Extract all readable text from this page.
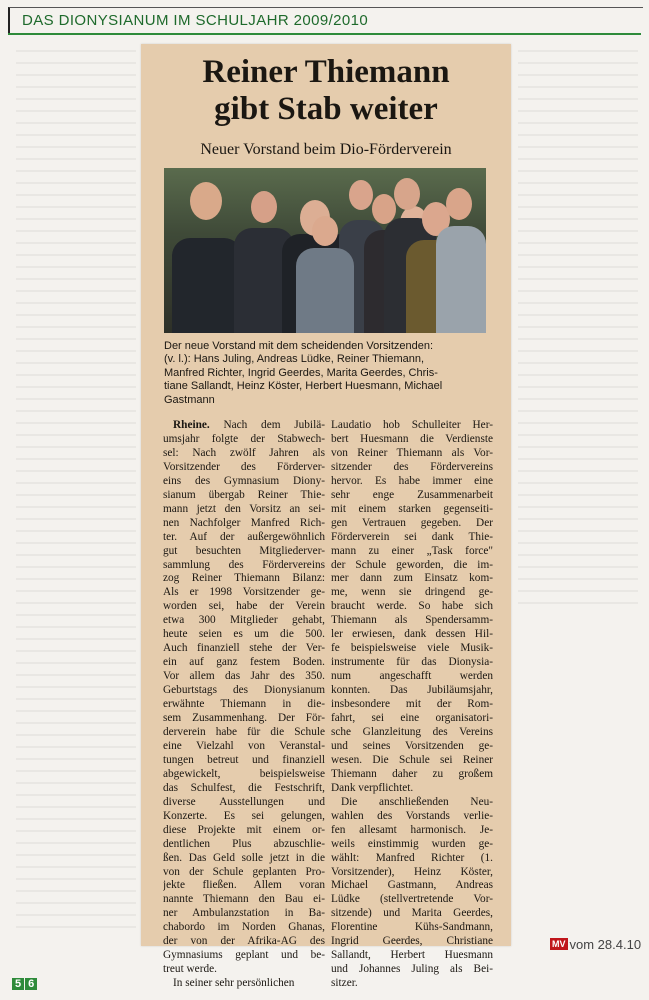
DAS DIONYSIANUM IM SCHULJAHR 2009/2010
Reiner Thiemann
gibt Stab weiter
Neuer Vorstand beim Dio-Förderverein
Der neue Vorstand mit dem scheidenden Vorsitzenden:
(v. l.): Hans Juling, Andreas Lüdke, Reiner Thiemann,
Manfred Richter, Ingrid Geerdes, Marita Geerdes, Chris-
tiane Sallandt, Heinz Köster, Herbert Huesmann, Michael
Gastmann
Rheine. Nach dem Jubilä-
umsjahr folgte der Stabwech-
sel: Nach zwölf Jahren als
Vorsitzender des Förderver-
eins des Gymnasium Diony-
sianum übergab Reiner Thie-
mann jetzt den Vorsitz an sei-
nen Nachfolger Manfred Rich-
ter. Auf der außergewöhnlich
gut besuchten Mitgliederver-
sammlung des Fördervereins
zog Reiner Thiemann Bilanz:
Als er 1998 Vorsitzender ge-
worden sei, habe der Verein
etwa 300 Mitglieder gehabt,
heute seien es um die 500.
Auch finanziell stehe der Ver-
ein auf ganz festem Boden.
Vor allem das Jahr des 350.
Geburtstags des Dionysianum
erwähnte Thiemann in die-
sem Zusammenhang. Der För-
derverein habe für die Schule
eine Vielzahl von Veranstal-
tungen betreut und finanziell
abgewickelt, beispielsweise
das Schulfest, die Festschrift,
diverse Ausstellungen und
Konzerte. Es sei gelungen,
diese Projekte mit einem or-
dentlichen Plus abzuschlie-
ßen. Das Geld solle jetzt in die
von der Schule geplanten Pro-
jekte fließen. Allem voran
nannte Thiemann den Bau ei-
ner Ambulanzstation in Ba-
chabordo im Norden Ghanas,
der von der Afrika-AG des
Gymnasiums geplant und be-
treut werde.
In seiner sehr persönlichen
Laudatio hob Schulleiter Her-
bert Huesmann die Verdienste
von Reiner Thiemann als Vor-
sitzender des Fördervereins
hervor. Es habe immer eine
sehr enge Zusammenarbeit
mit einem starken gegenseiti-
gen Vertrauen gegeben. Der
Förderverein sei dank Thie-
mann zu einer „Task force"
der Schule geworden, die im-
mer dann zum Einsatz kom-
me, wenn sie dringend ge-
braucht werde. So habe sich
Thiemann als Spendersamm-
ler erwiesen, dank dessen Hil-
fe beispielsweise viele Musik-
instrumente für das Dionysia-
num angeschafft werden
konnten. Das Jubiläumsjahr,
insbesondere mit der Rom-
fahrt, sei eine organisatori-
sche Glanzleitung des Vereins
und seines Vorsitzenden ge-
wesen. Die Schule sei Reiner
Thiemann daher zu großem
Dank verpflichtet.
Die anschließenden Neu-
wahlen des Vorstands verlie-
fen allesamt harmonisch. Je-
weils einstimmig wurden ge-
wählt: Manfred Richter (1.
Vorsitzender), Heinz Köster,
Michael Gastmann, Andreas
Lüdke (stellvertretende Vor-
sitzende) und Marita Geerdes,
Florentine Kühs-Sandmann,
Ingrid Geerdes, Christiane
Sallandt, Herbert Huesmann
und Johannes Juling als Bei-
sitzer.
MV vom 28.4.10
5 6
